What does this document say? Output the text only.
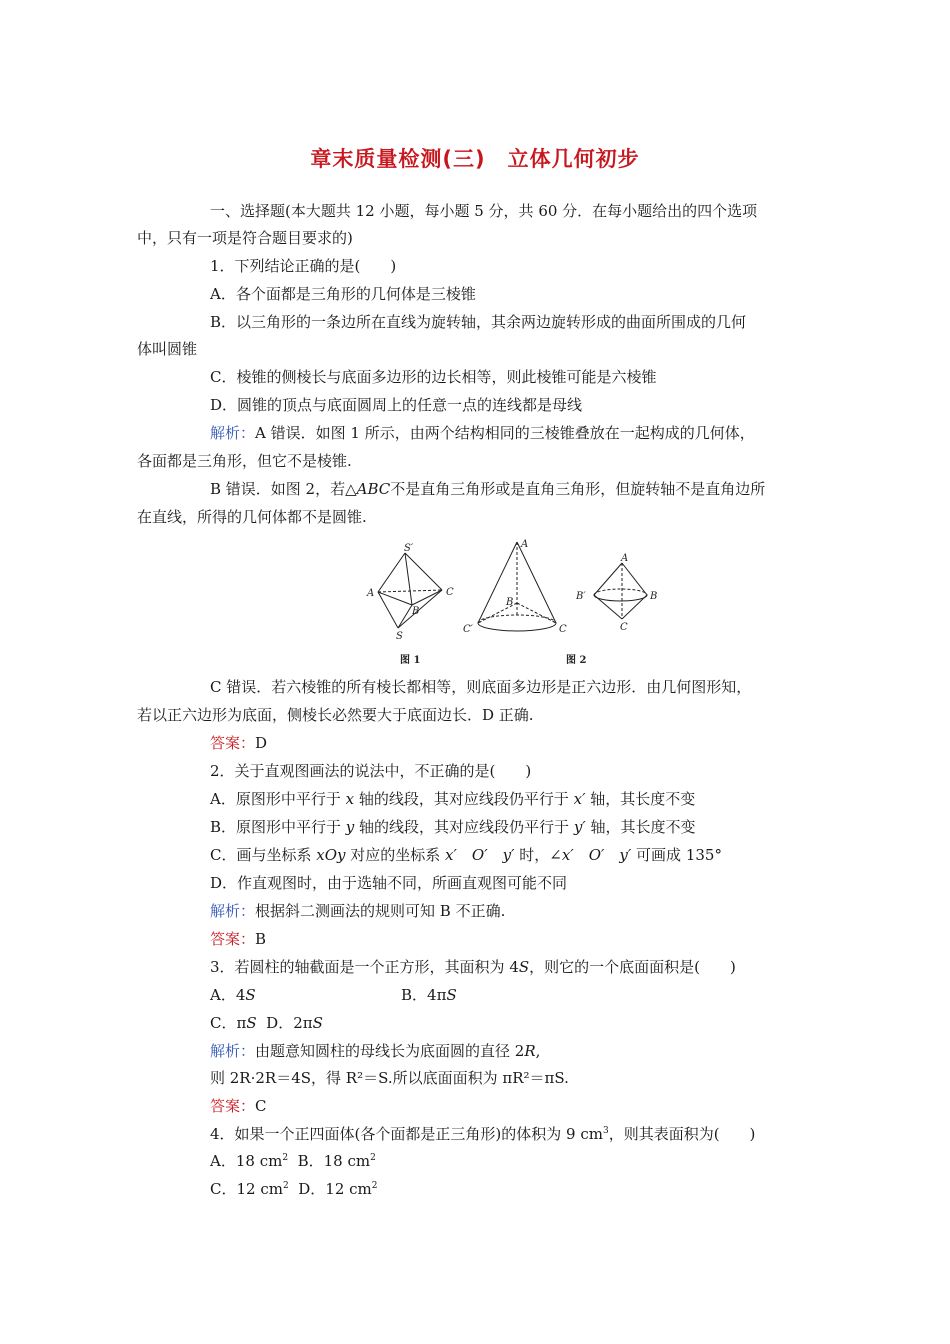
章末质量检测(三) 立体几何初步
一、选择题(本大题共 12 小题，每小题 5 分，共 60 分．在每小题给出的四个选项
中，只有一项是符合题目要求的)
1．下列结论正确的是(　　)
A．各个面都是三角形的几何体是三棱锥
B．以三角形的一条边所在直线为旋转轴，其余两边旋转形成的曲面所围成的几何
体叫圆锥
C．棱锥的侧棱长与底面多边形的边长相等，则此棱锥可能是六棱锥
D．圆锥的顶点与底面圆周上的任意一点的连线都是母线
解析：A 错误．如图 1 所示，由两个结构相同的三棱锥叠放在一起构成的几何体，
各面都是三角形，但它不是棱锥.
B 错误．如图 2，若△ABC不是直角三角形或是直角三角形，但旋转轴不是直角边所
在直线，所得的几何体都不是圆锥.
S′
A	C
B
S
A
B
C′	C
A
B′	B
C
图 1	图 2
C 错误．若六棱锥的所有棱长都相等，则底面多边形是正六边形．由几何图形知，
若以正六边形为底面，侧棱长必然要大于底面边长．D 正确.
答案：D
2．关于直观图画法的说法中，不正确的是(　　)
A．原图形中平行于 x 轴的线段，其对应线段仍平行于 x′ 轴，其长度不变
B．原图形中平行于 y 轴的线段，其对应线段仍平行于 y′ 轴，其长度不变
C．画与坐标系 xOy 对应的坐标系 x′　O′　y′ 时，∠x′　O′　y′ 可画成 135°
D．作直观图时，由于选轴不同，所画直观图可能不同
解析：根据斜二测画法的规则可知 B 不正确.
答案：B
3．若圆柱的轴截面是一个正方形，其面积为 4S，则它的一个底面面积是(　　)
A．4S	B．4πS
C．πS D．2πS
解析：由题意知圆柱的母线长为底面圆的直径 2R,
则 2R·2R＝4S，得 R²＝S.所以底面面积为 πR²＝πS.
答案：C
4．如果一个正四面体(各个面都是正三角形)的体积为 9 $cm^3$，则其表面积为(　　)
A．18 $cm^2$ B．18 $cm^2$
C．12 $cm^2$ D．12 $cm^2$
